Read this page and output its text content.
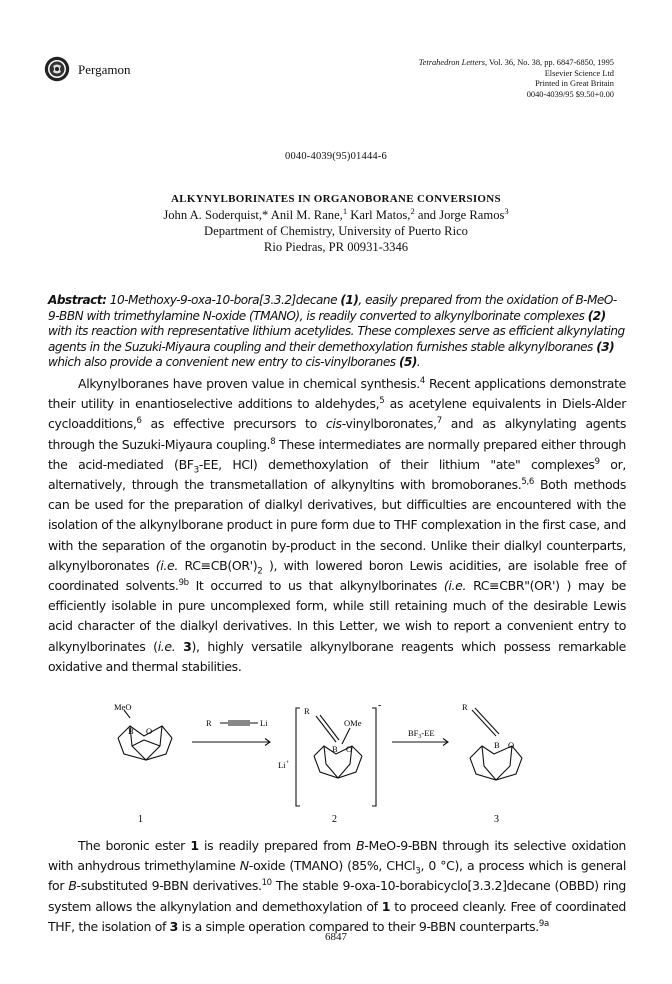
Pergamon	Tetrahedron Letters, Vol. 36, No. 38, pp. 6847-6850, 1995
Elsevier Science Ltd
Printed in Great Britain
0040-4039/95 $9.50+0.00
0040-4039(95)01444-6
ALKYNYLBORINATES IN ORGANOBORANE CONVERSIONS
John A. Soderquist,* Anil M. Rane,$^1$ Karl Matos,$^2$ and Jorge Ramos$^3$
Department of Chemistry, University of Puerto Rico
Rio Piedras, PR 00931-3346
Abstract: 10-Methoxy-9-oxa-10-bora[3.3.2]decane (1), easily prepared from the oxidation of B-MeO-9-BBN with trimethylamine N-oxide (TMANO), is readily converted to alkynylborinate complexes (2) with its reaction with representative lithium acetylides. These complexes serve as efficient alkynylating agents in the Suzuki-Miyaura coupling and their demethoxylation furnishes stable alkynylboranes (3) which also provide a convenient new entry to cis-vinylboranes (5).

Alkynylboranes have proven value in chemical synthesis.$^4$ Recent applications demonstrate their utility in enantioselective additions to aldehydes,$^5$ as acetylene equivalents in Diels-Alder cycloadditions,$^6$ as effective precursors to cis-vinylboronates,$^7$ and as alkynylating agents through the Suzuki-Miyaura coupling.$^8$ These intermediates are normally prepared either through the acid-mediated ($BF_3-EE$, HCl) demethoxylation of their lithium "ate" complexes$^9$ or, alternatively, through the transmetallation of alkynyltins with bromoboranes.$^{5,6}$ Both methods can be used for the preparation of dialkyl derivatives, but difficulties are encountered with the isolation of the alkynylborane product in pure form due to THF complexation in the first case, and with the separation of the organotin by-product in the second. Unlike their dialkyl counterparts, alkynylboronates (i.e. $RC\equiv CB(OR')_2$ ), with lowered boron Lewis acidities, are isolable free of coordinated solvents.$^{9b}$ It occurred to us that alkynylborinates (i.e. RC≡CBR"(OR') ) may be efficiently isolable in pure uncomplexed form, while still retaining much of the desirable Lewis acid character of the dialkyl derivatives. In this Letter, we wish to report a convenient entry to alkynylborinates (i.e. 3), highly versatile alkynylborane reagents which possess remarkable oxidative and thermal stabilities.

MeO
B O
R	Li
Li+
R
OMe
-
B O
$BF_3-EE$
R
B O
1	2	3

The boronic ester 1 is readily prepared from B-MeO-9-BBN through its selective oxidation with anhydrous trimethylamine N-oxide (TMANO) (85%, CHCl$_3$, 0 °C), a process which is general for B-substituted 9-BBN derivatives.$^{10}$ The stable 9-oxa-10-borabicyclo[3.3.2]decane (OBBD) ring system allows the alkynylation and demethoxylation of 1 to proceed cleanly. Free of coordinated THF, the isolation of 3 is a simple operation compared to their 9-BBN counterparts.$^{9a}$

6847
